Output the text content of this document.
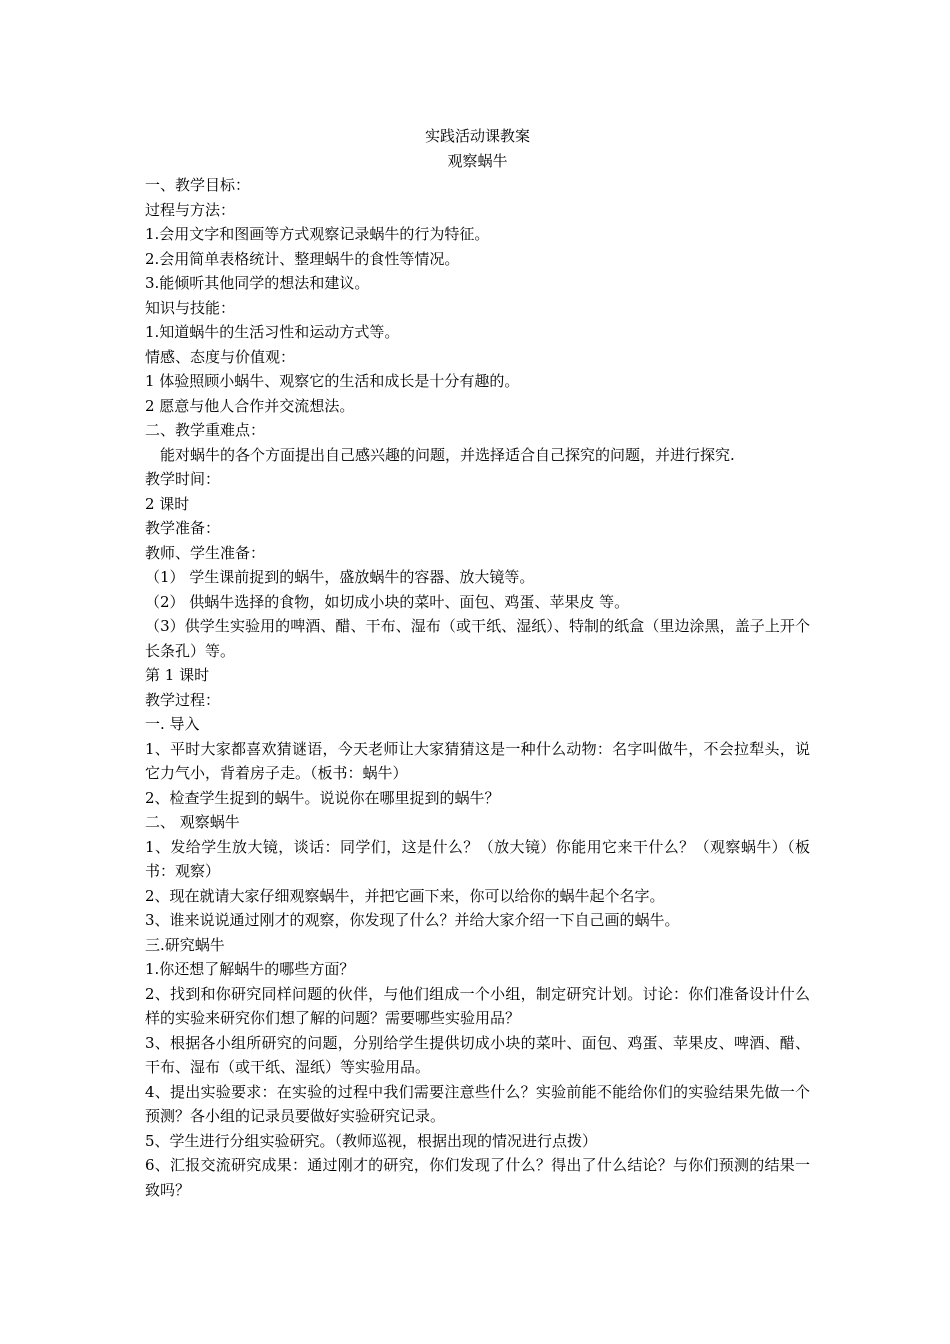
实践活动课教案

观察蜗牛

一、教学目标：

过程与方法：

1.会用文字和图画等方式观察记录蜗牛的行为特征。

2.会用简单表格统计、整理蜗牛的食性等情况。

3.能倾听其他同学的想法和建议。

知识与技能：

1.知道蜗牛的生活习性和运动方式等。

情感、态度与价值观：

1 体验照顾小蜗牛、观察它的生活和成长是十分有趣的。

2 愿意与他人合作并交流想法。

二、教学重难点：

能对蜗牛的各个方面提出自己感兴趣的问题，并选择适合自己探究的问题，并进行探究.

教学时间：

2 课时

教学准备：

教师、学生准备：

（1） 学生课前捉到的蜗牛，盛放蜗牛的容器、放大镜等。

（2） 供蜗牛选择的食物，如切成小块的菜叶、面包、鸡蛋、苹果皮 等。

（3）供学生实验用的啤酒、醋、干布、湿布（或干纸、湿纸）、特制的纸盒（里边涂黑，盖子上开个长条孔）等。

第 1 课时

教学过程：

一. 导入

1、平时大家都喜欢猜谜语，今天老师让大家猜猜这是一种什么动物：名字叫做牛，不会拉犁头，说它力气小，背着房子走。（板书：蜗牛）

2、检查学生捉到的蜗牛。说说你在哪里捉到的蜗牛？

二、 观察蜗牛

1、发给学生放大镜，谈话：同学们，这是什么？（放大镜）你能用它来干什么？（观察蜗牛）（板书：观察）

2、现在就请大家仔细观察蜗牛，并把它画下来，你可以给你的蜗牛起个名字。

3、谁来说说通过刚才的观察，你发现了什么？并给大家介绍一下自己画的蜗牛。

三.研究蜗牛

1.你还想了解蜗牛的哪些方面？

2、找到和你研究同样问题的伙伴，与他们组成一个小组，制定研究计划。讨论：你们准备设计什么样的实验来研究你们想了解的问题？需要哪些实验用品？

3、根据各小组所研究的问题，分别给学生提供切成小块的菜叶、面包、鸡蛋、苹果皮、啤酒、醋、干布、湿布（或干纸、湿纸）等实验用品。

4、提出实验要求：在实验的过程中我们需要注意些什么？实验前能不能给你们的实验结果先做一个预测？各小组的记录员要做好实验研究记录。

5、学生进行分组实验研究。（教师巡视，根据出现的情况进行点拨）

6、汇报交流研究成果：通过刚才的研究，你们发现了什么？得出了什么结论？与你们预测的结果一致吗？
